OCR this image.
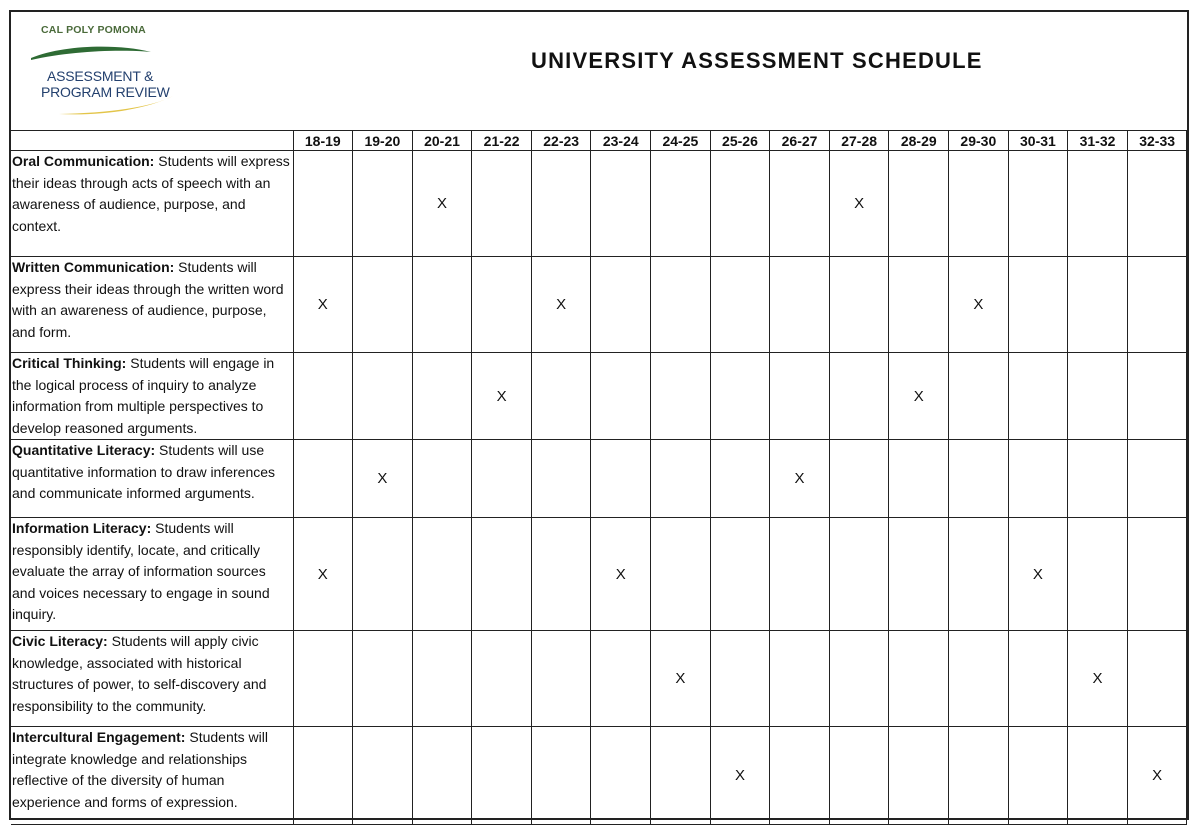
CAL POLY POMONA
ASSESSMENT &
PROGRAM REVIEW
UNIVERSITY ASSESSMENT SCHEDULE
	18-19	19-20	20-21	21-22	22-23	23-24	24-25	25-26	26-27	27-28	28-29	29-30	30-31	31-32	32-33
Oral Communication: Students will express their ideas through acts of speech with an awareness of audience, purpose, and context.			X							X					
Written Communication: Students will express their ideas through the written word with an awareness of audience, purpose, and form.	X				X							X			
Critical Thinking: Students will engage in the logical process of inquiry to analyze information from multiple perspectives to develop reasoned arguments.				X							X				
Quantitative Literacy: Students will use quantitative information to draw inferences and communicate informed arguments.		X							X						
Information Literacy: Students will responsibly identify, locate, and critically evaluate the array of information sources and voices necessary to engage in sound inquiry.	X					X							X		
Civic Literacy: Students will apply civic knowledge, associated with historical structures of power, to self-discovery and responsibility to the community.							X							X	
Intercultural Engagement: Students will integrate knowledge and relationships reflective of the diversity of human experience and forms of expression.								X							X
